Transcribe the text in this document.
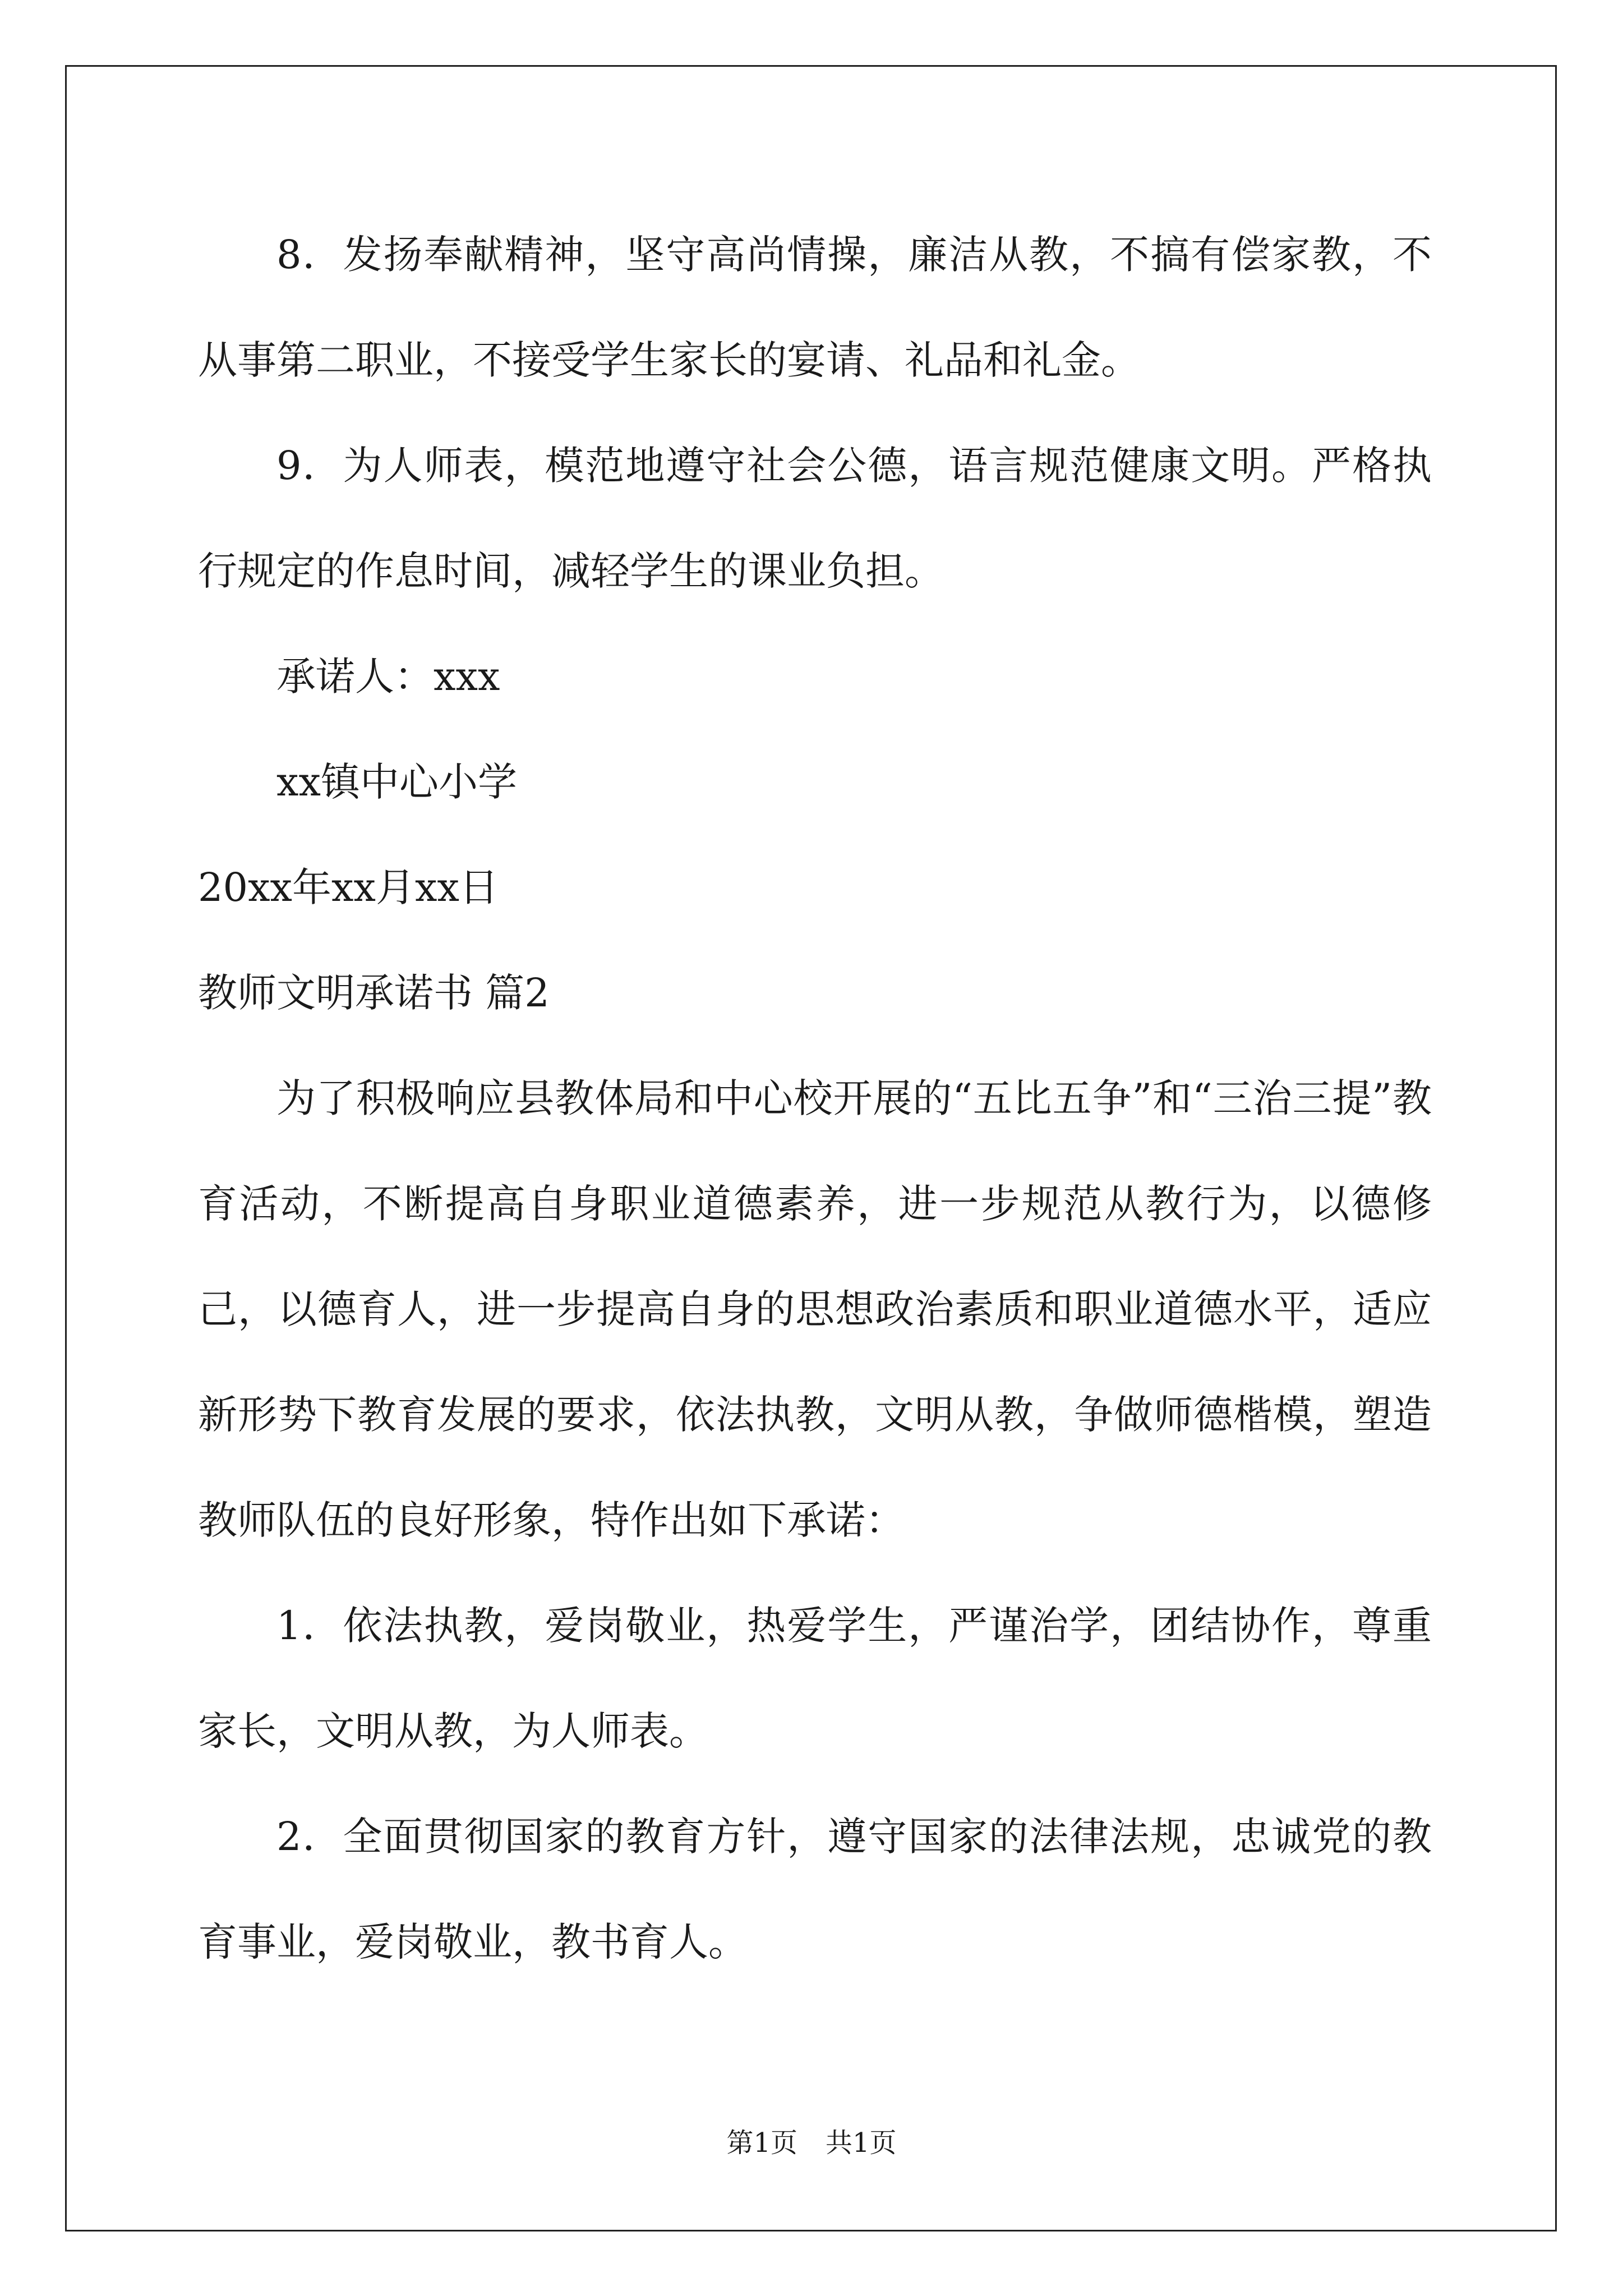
8．发扬奉献精神，坚守高尚情操，廉洁从教，不搞有偿家教，不从事第二职业，不接受学生家长的宴请、礼品和礼金。

9．为人师表，模范地遵守社会公德，语言规范健康文明。严格执行规定的作息时间，减轻学生的课业负担。

承诺人：xxx

xx镇中心小学

20xx年xx月xx日

教师文明承诺书 篇2

为了积极响应县教体局和中心校开展的“五比五争”和“三治三提”教育活动，不断提高自身职业道德素养，进一步规范从教行为，以德修己，以德育人，进一步提高自身的思想政治素质和职业道德水平，适应新形势下教育发展的要求，依法执教，文明从教，争做师德楷模，塑造教师队伍的良好形象，特作出如下承诺：

1．依法执教，爱岗敬业，热爱学生，严谨治学，团结协作，尊重家长，文明从教，为人师表。

2．全面贯彻国家的教育方针，遵守国家的法律法规，忠诚党的教育事业，爱岗敬业，教书育人。

第1页 共1页
